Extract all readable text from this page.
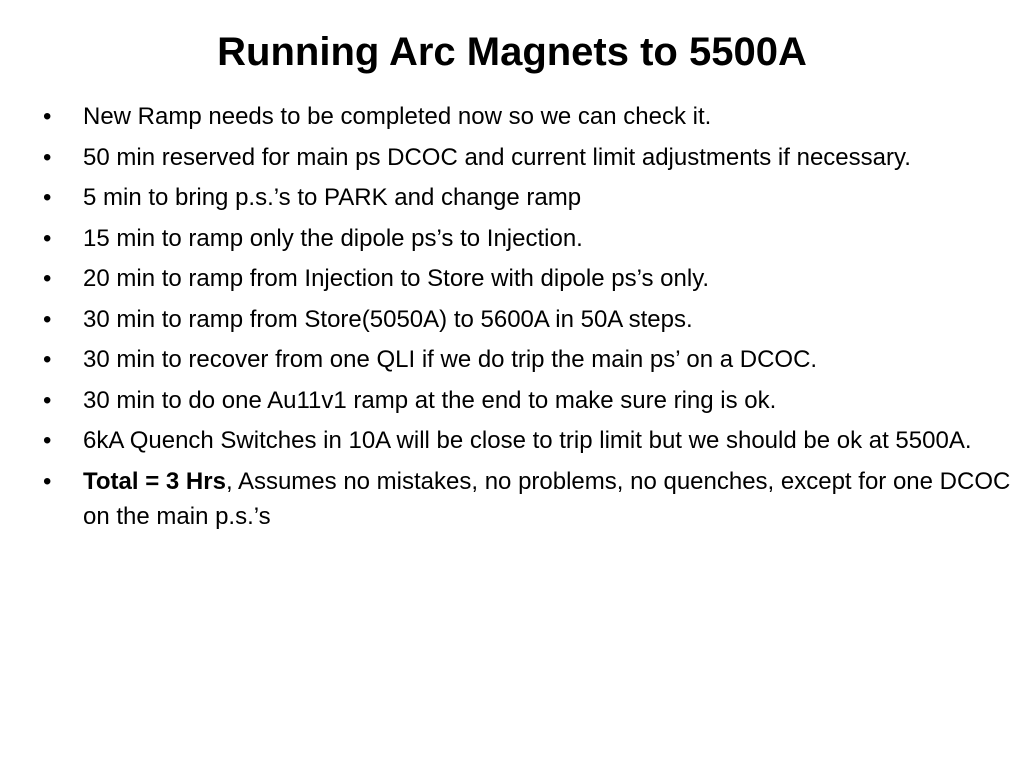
Running Arc Magnets to 5500A
• New Ramp needs to be completed now so we can check it.
• 50 min reserved for main ps DCOC and current limit adjustments if necessary.
• 5 min to bring p.s.’s to PARK and change ramp
• 15 min to ramp only the dipole ps’s to Injection.
• 20 min to ramp from Injection to Store with dipole ps’s only.
• 30 min to ramp from Store(5050A) to 5600A in 50A steps.
• 30 min to recover from one QLI if we do trip the main ps’ on a DCOC.
• 30 min to do one Au11v1 ramp at the end to make sure ring is ok.
• 6kA Quench Switches in 10A will be close to trip limit but we should be ok at 5500A.
• Total = 3 Hrs, Assumes no mistakes, no problems, no quenches, except for one DCOC on the main p.s.’s
